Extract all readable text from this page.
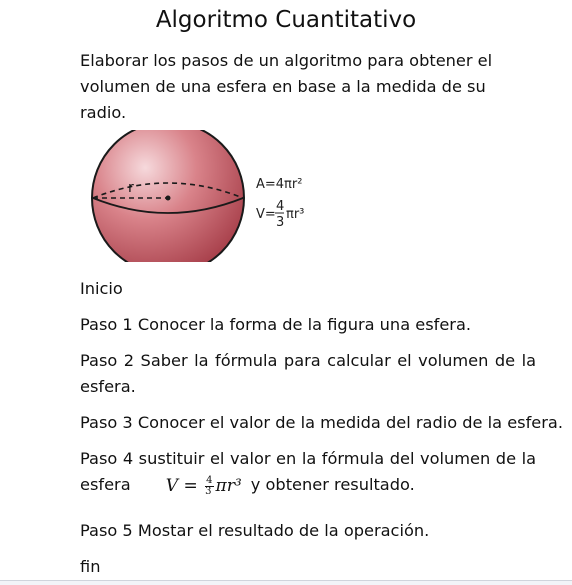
Algoritmo Cuantitativo

Elaborar los pasos de un algoritmo para obtener el volumen de una esfera en base a la medida de su radio.

r	A=4πr²
V=
4
3
πr³
Inicio
Paso 1 Conocer la forma de la figura una esfera.
Paso 2 Saber la fórmula para calcular el volumen de la esfera.
Paso 3 Conocer el valor de la medida del radio de la esfera.
Paso 4 sustituir el valor en la fórmula del volumen de la esfera $V = \frac{4}{3} \pi r^3$ y obtener resultado.
Paso 5 Mostar el resultado de la operación.
fin
